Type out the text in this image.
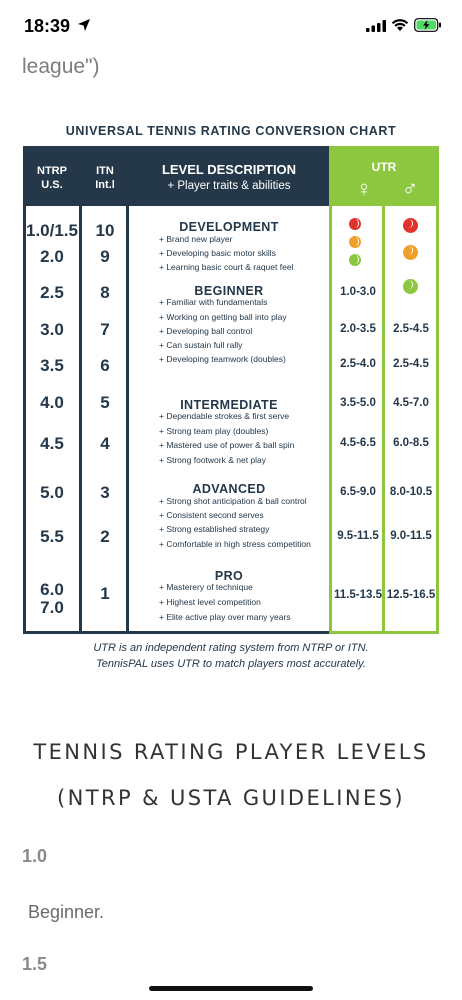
18:39
league")
UNIVERSAL TENNIS RATING CONVERSION CHART
NTRP
U.S.
ITN
Int.l
LEVEL DESCRIPTION
+ Player traits & abilities
UTR
♀	♂
1.0/1.5
2.0
2.5
3.0
3.5
4.0
4.5
5.0
5.5
6.0
7.0
10
9
8
7
6
5
4
3
2
1
DEVELOPMENT
+ Brand new player
+ Developing basic motor skills
+ Learning basic court & raquet feel
BEGINNER
+ Familiar with fundamentals
+ Working on getting ball into play
+ Developing ball control
+ Can sustain full rally
+ Developing teamwork (doubles)
INTERMEDIATE
+ Dependable strokes & first serve
+ Strong team play (doubles)
+ Mastered use of power & ball spin
+ Strong footwork & net play
ADVANCED
+ Strong shot anticipation & ball control
+ Consistent second serves
+ Strong established strategy
+ Comfortable in high stress competition
PRO
+ Masterery of technique
+ Highest level competition
+ Elite active play over many years
1.0-3.0
2.0-3.5
2.5-4.0
3.5-5.0
4.5-6.5
6.5-9.0
9.5-11.5
11.5-13.5
2.5-4.5
2.5-4.5
4.5-7.0
6.0-8.5
8.0-10.5
9.0-11.5
12.5-16.5
UTR is an independent rating system from NTRP or ITN.
TennisPAL uses UTR to match players most accurately.
TENNIS RATING PLAYER LEVELS
(NTRP & USTA GUIDELINES)
1.0
Beginner.
1.5
